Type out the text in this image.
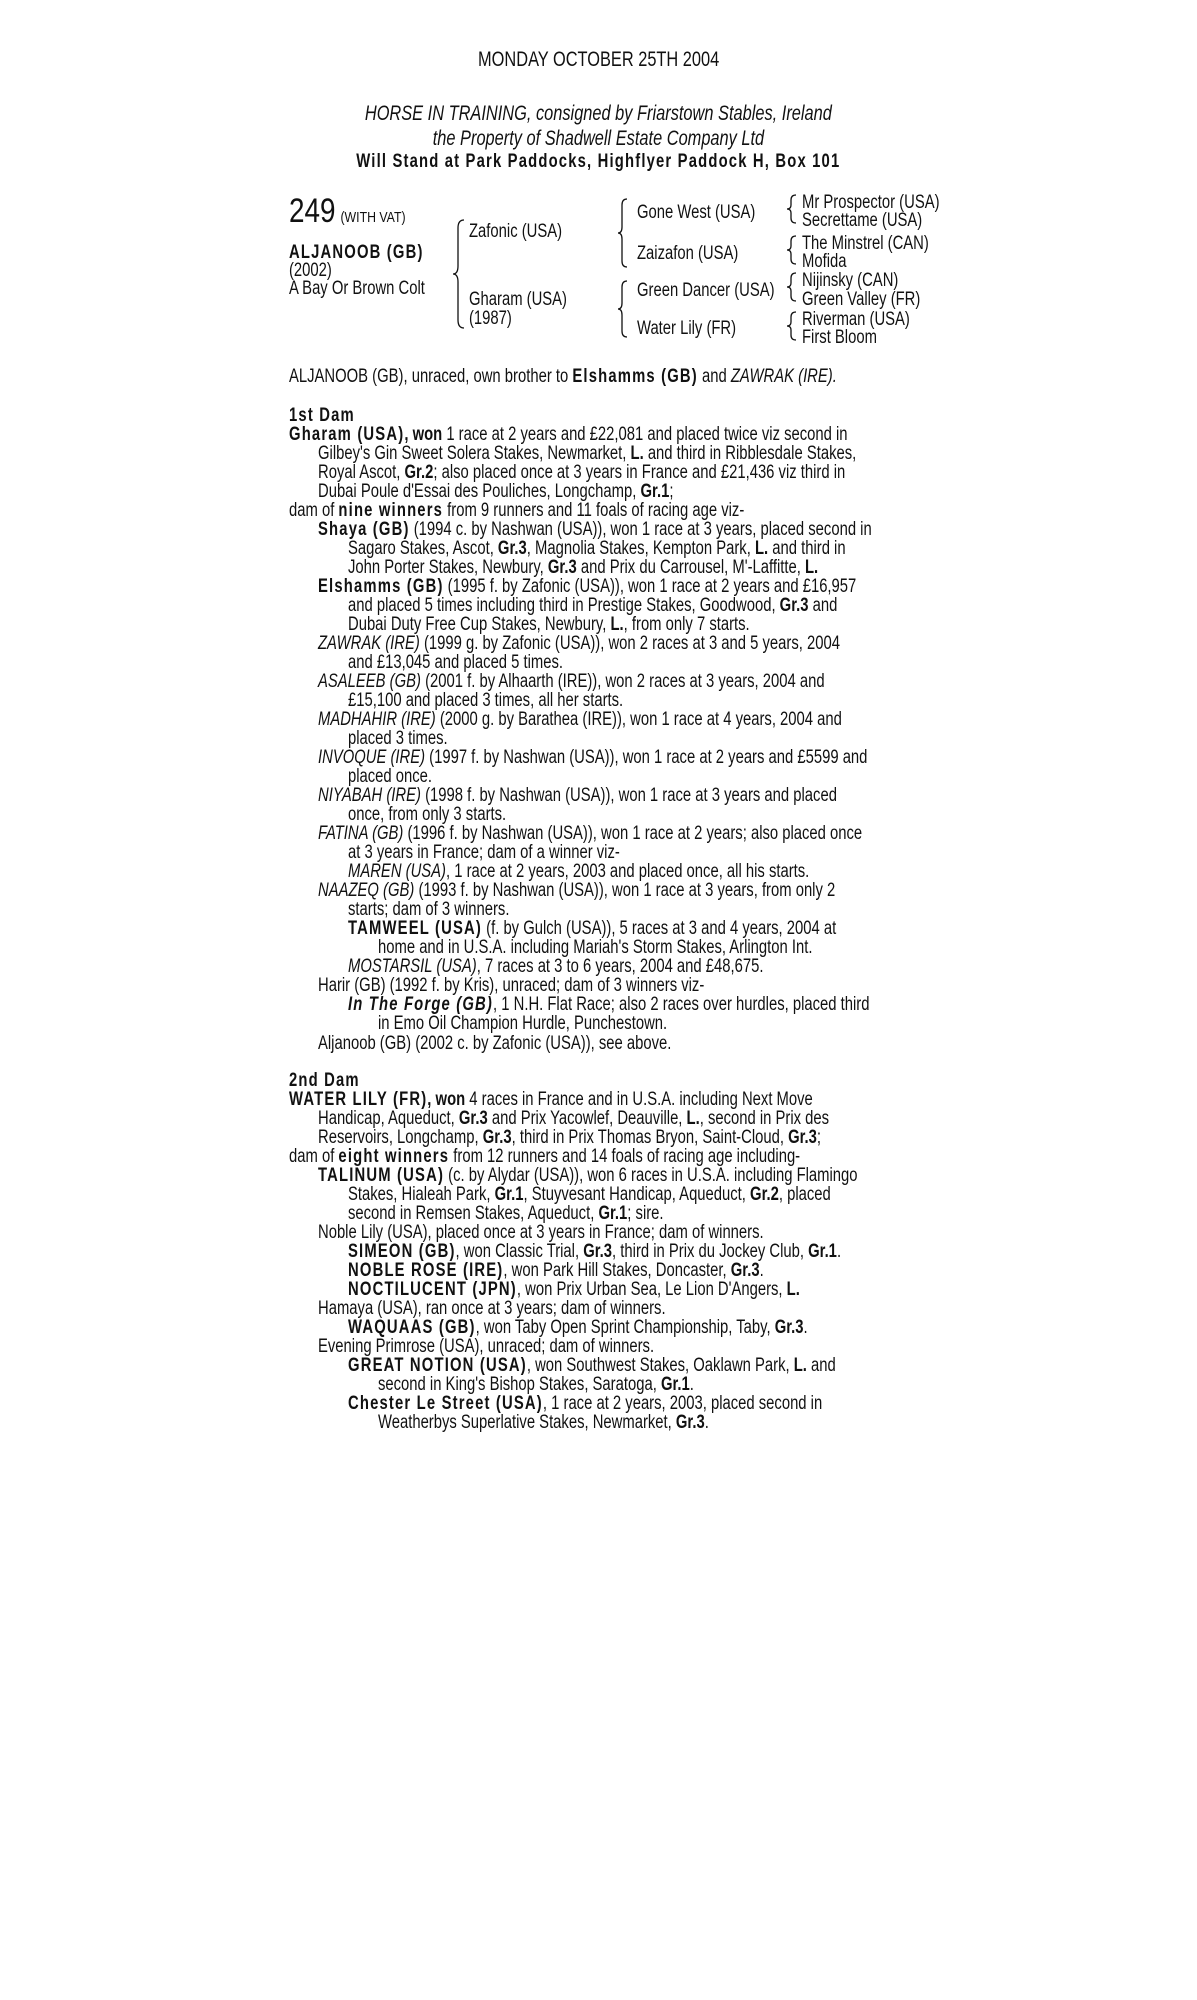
MONDAY OCTOBER 25TH 2004
HORSE IN TRAINING, consigned by Friarstown Stables, Ireland
the Property of Shadwell Estate Company Ltd
Will Stand at Park Paddocks, Highflyer Paddock H, Box 101
249 (WITH VAT)
ALJANOOB (GB)
(2002)
A Bay Or Brown Colt
Zafonic (USA)
Gharam (USA)
(1987)
Gone West (USA)
Zaizafon (USA)
Green Dancer (USA)
Water Lily (FR)
Mr Prospector (USA)
Secrettame (USA)
The Minstrel (CAN)
Mofida
Nijinsky (CAN)
Green Valley (FR)
Riverman (USA)
First Bloom
ALJANOOB (GB), unraced, own brother to Elshamms (GB) and ZAWRAK (IRE).
1st Dam
Gharam (USA), won 1 race at 2 years and £22,081 and placed twice viz second in
Gilbey's Gin Sweet Solera Stakes, Newmarket, L. and third in Ribblesdale Stakes,
Royal Ascot, Gr.2; also placed once at 3 years in France and £21,436 viz third in
Dubai Poule d'Essai des Pouliches, Longchamp, Gr.1;
dam of nine winners from 9 runners and 11 foals of racing age viz-
Shaya (GB) (1994 c. by Nashwan (USA)), won 1 race at 3 years, placed second in
Sagaro Stakes, Ascot, Gr.3, Magnolia Stakes, Kempton Park, L. and third in
John Porter Stakes, Newbury, Gr.3 and Prix du Carrousel, M'-Laffitte, L.
Elshamms (GB) (1995 f. by Zafonic (USA)), won 1 race at 2 years and £16,957
and placed 5 times including third in Prestige Stakes, Goodwood, Gr.3 and
Dubai Duty Free Cup Stakes, Newbury, L., from only 7 starts.
ZAWRAK (IRE) (1999 g. by Zafonic (USA)), won 2 races at 3 and 5 years, 2004
and £13,045 and placed 5 times.
ASALEEB (GB) (2001 f. by Alhaarth (IRE)), won 2 races at 3 years, 2004 and
£15,100 and placed 3 times, all her starts.
MADHAHIR (IRE) (2000 g. by Barathea (IRE)), won 1 race at 4 years, 2004 and
placed 3 times.
INVOQUE (IRE) (1997 f. by Nashwan (USA)), won 1 race at 2 years and £5599 and
placed once.
NIYABAH (IRE) (1998 f. by Nashwan (USA)), won 1 race at 3 years and placed
once, from only 3 starts.
FATINA (GB) (1996 f. by Nashwan (USA)), won 1 race at 2 years; also placed once
at 3 years in France; dam of a winner viz-
MAREN (USA), 1 race at 2 years, 2003 and placed once, all his starts.
NAAZEQ (GB) (1993 f. by Nashwan (USA)), won 1 race at 3 years, from only 2
starts; dam of 3 winners.
TAMWEEL (USA) (f. by Gulch (USA)), 5 races at 3 and 4 years, 2004 at
home and in U.S.A. including Mariah's Storm Stakes, Arlington Int.
MOSTARSIL (USA), 7 races at 3 to 6 years, 2004 and £48,675.
Harir (GB) (1992 f. by Kris), unraced; dam of 3 winners viz-
In The Forge (GB), 1 N.H. Flat Race; also 2 races over hurdles, placed third
in Emo Oil Champion Hurdle, Punchestown.
Aljanoob (GB) (2002 c. by Zafonic (USA)), see above.
2nd Dam
WATER LILY (FR), won 4 races in France and in U.S.A. including Next Move
Handicap, Aqueduct, Gr.3 and Prix Yacowlef, Deauville, L., second in Prix des
Reservoirs, Longchamp, Gr.3, third in Prix Thomas Bryon, Saint-Cloud, Gr.3;
dam of eight winners from 12 runners and 14 foals of racing age including-
TALINUM (USA) (c. by Alydar (USA)), won 6 races in U.S.A. including Flamingo
Stakes, Hialeah Park, Gr.1, Stuyvesant Handicap, Aqueduct, Gr.2, placed
second in Remsen Stakes, Aqueduct, Gr.1; sire.
Noble Lily (USA), placed once at 3 years in France; dam of winners.
SIMEON (GB), won Classic Trial, Gr.3, third in Prix du Jockey Club, Gr.1.
NOBLE ROSE (IRE), won Park Hill Stakes, Doncaster, Gr.3.
NOCTILUCENT (JPN), won Prix Urban Sea, Le Lion D'Angers, L.
Hamaya (USA), ran once at 3 years; dam of winners.
WAQUAAS (GB), won Taby Open Sprint Championship, Taby, Gr.3.
Evening Primrose (USA), unraced; dam of winners.
GREAT NOTION (USA), won Southwest Stakes, Oaklawn Park, L. and
second in King's Bishop Stakes, Saratoga, Gr.1.
Chester Le Street (USA), 1 race at 2 years, 2003, placed second in
Weatherbys Superlative Stakes, Newmarket, Gr.3.
